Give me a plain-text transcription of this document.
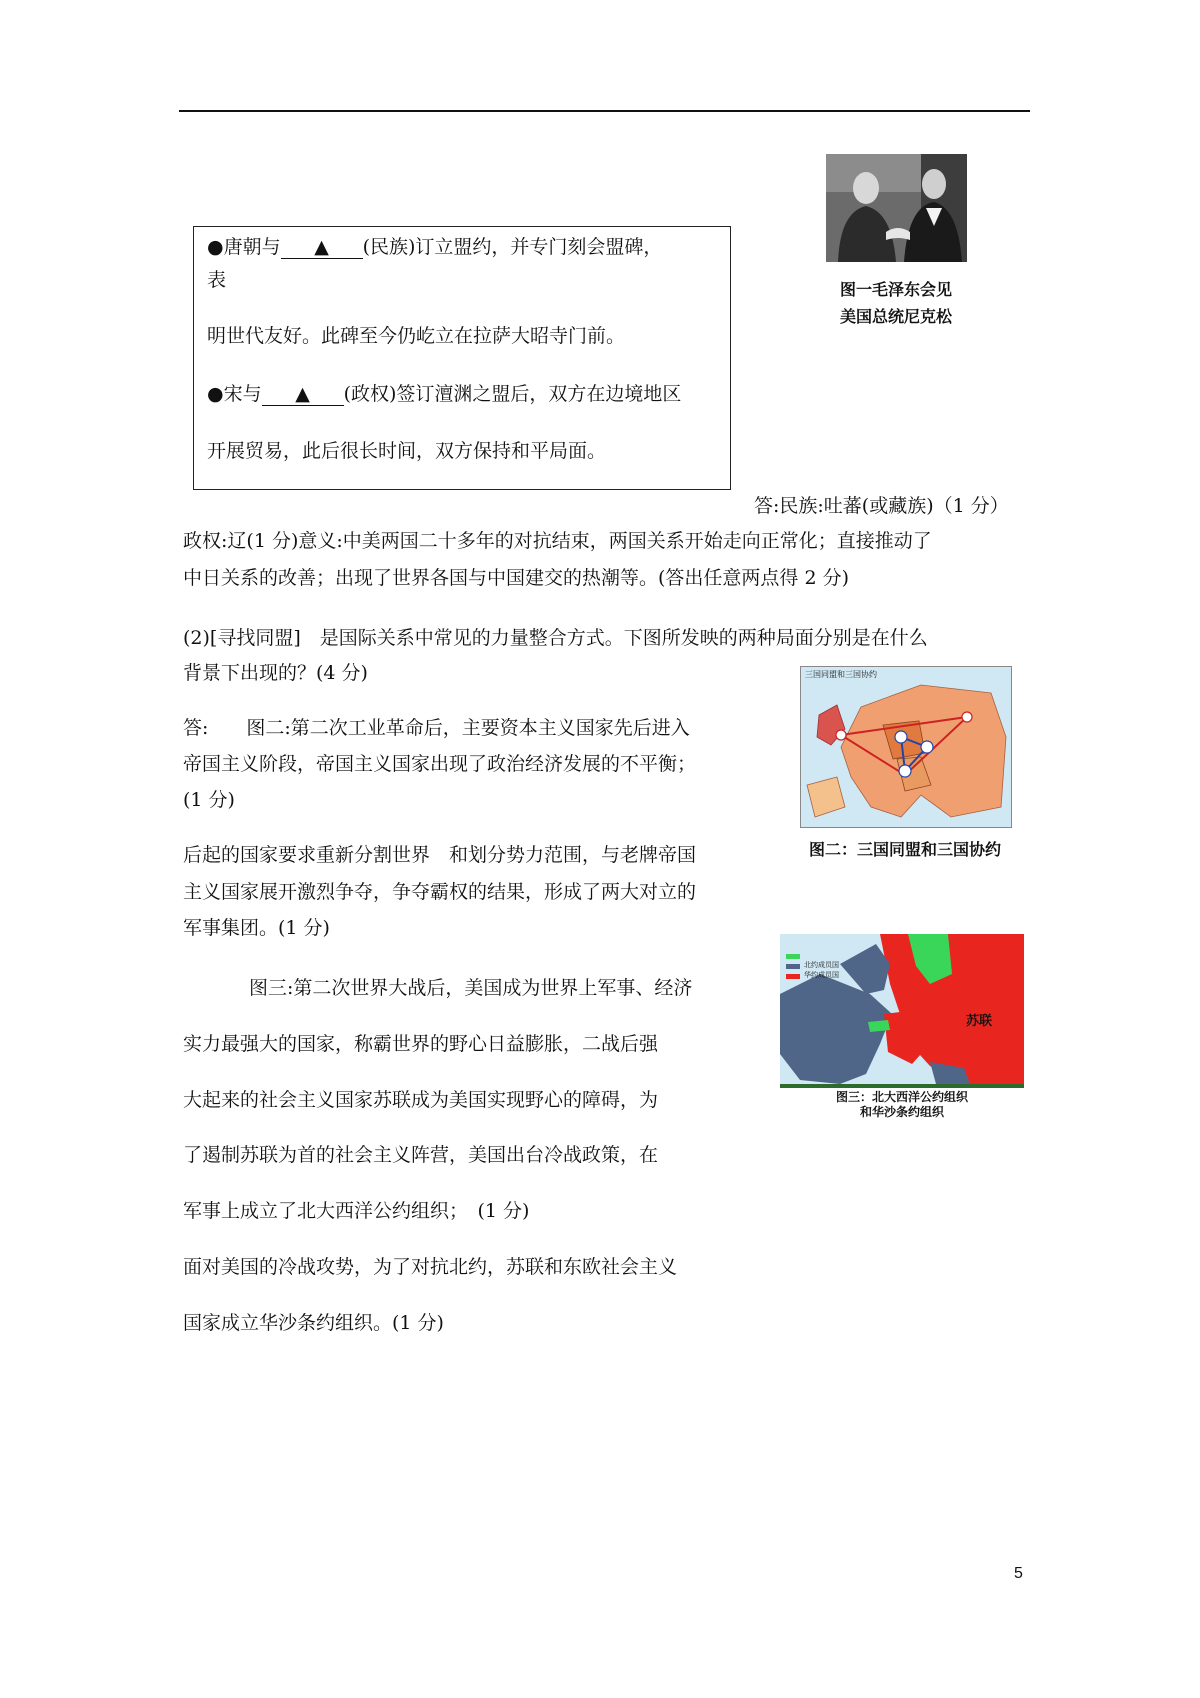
●唐朝与 ▲ (民族)订立盟约，并专门刻会盟碑，
表
明世代友好。此碑至今仍屹立在拉萨大昭寺门前。
●宋与 ▲ (政权)签订澶渊之盟后，双方在边境地区
开展贸易，此后很长时间，双方保持和平局面。
图一毛泽东会见
美国总统尼克松
答:民族:吐蕃(或藏族)（1 分）
政权:辽(1 分)意义:中美两国二十多年的对抗结束，两国关系开始走向正常化；直接推动了
中日关系的改善；出现了世界各国与中国建交的热潮等。(答出任意两点得 2 分)
(2)[寻找同盟]　是国际关系中常见的力量整合方式。下图所发映的两种局面分别是在什么
背景下出现的？(4 分)
答:　　图二:第二次工业革命后，主要资本主义国家先后进入
帝国主义阶段，帝国主义国家出现了政治经济发展的不平衡；
(1 分)
后起的国家要求重新分割世界　和划分势力范围，与老牌帝国
主义国家展开激烈争夺，争夺霸权的结果，形成了两大对立的
军事集团。(1 分)
图三:第二次世界大战后，美国成为世界上军事、经济
实力最强大的国家，称霸世界的野心日益膨胀，二战后强
大起来的社会主义国家苏联成为美国实现野心的障碍，为
了遏制苏联为首的社会主义阵营，美国出台冷战政策，在
军事上成立了北大西洋公约组织；　(1 分)
面对美国的冷战攻势，为了对抗北约，苏联和东欧社会主义
国家成立华沙条约组织。(1 分)
三国同盟和三国协约
图二：三国同盟和三国协约
北约成员国
华约成员国
苏联
图三：北大西洋公约组织
和华沙条约组织
5
